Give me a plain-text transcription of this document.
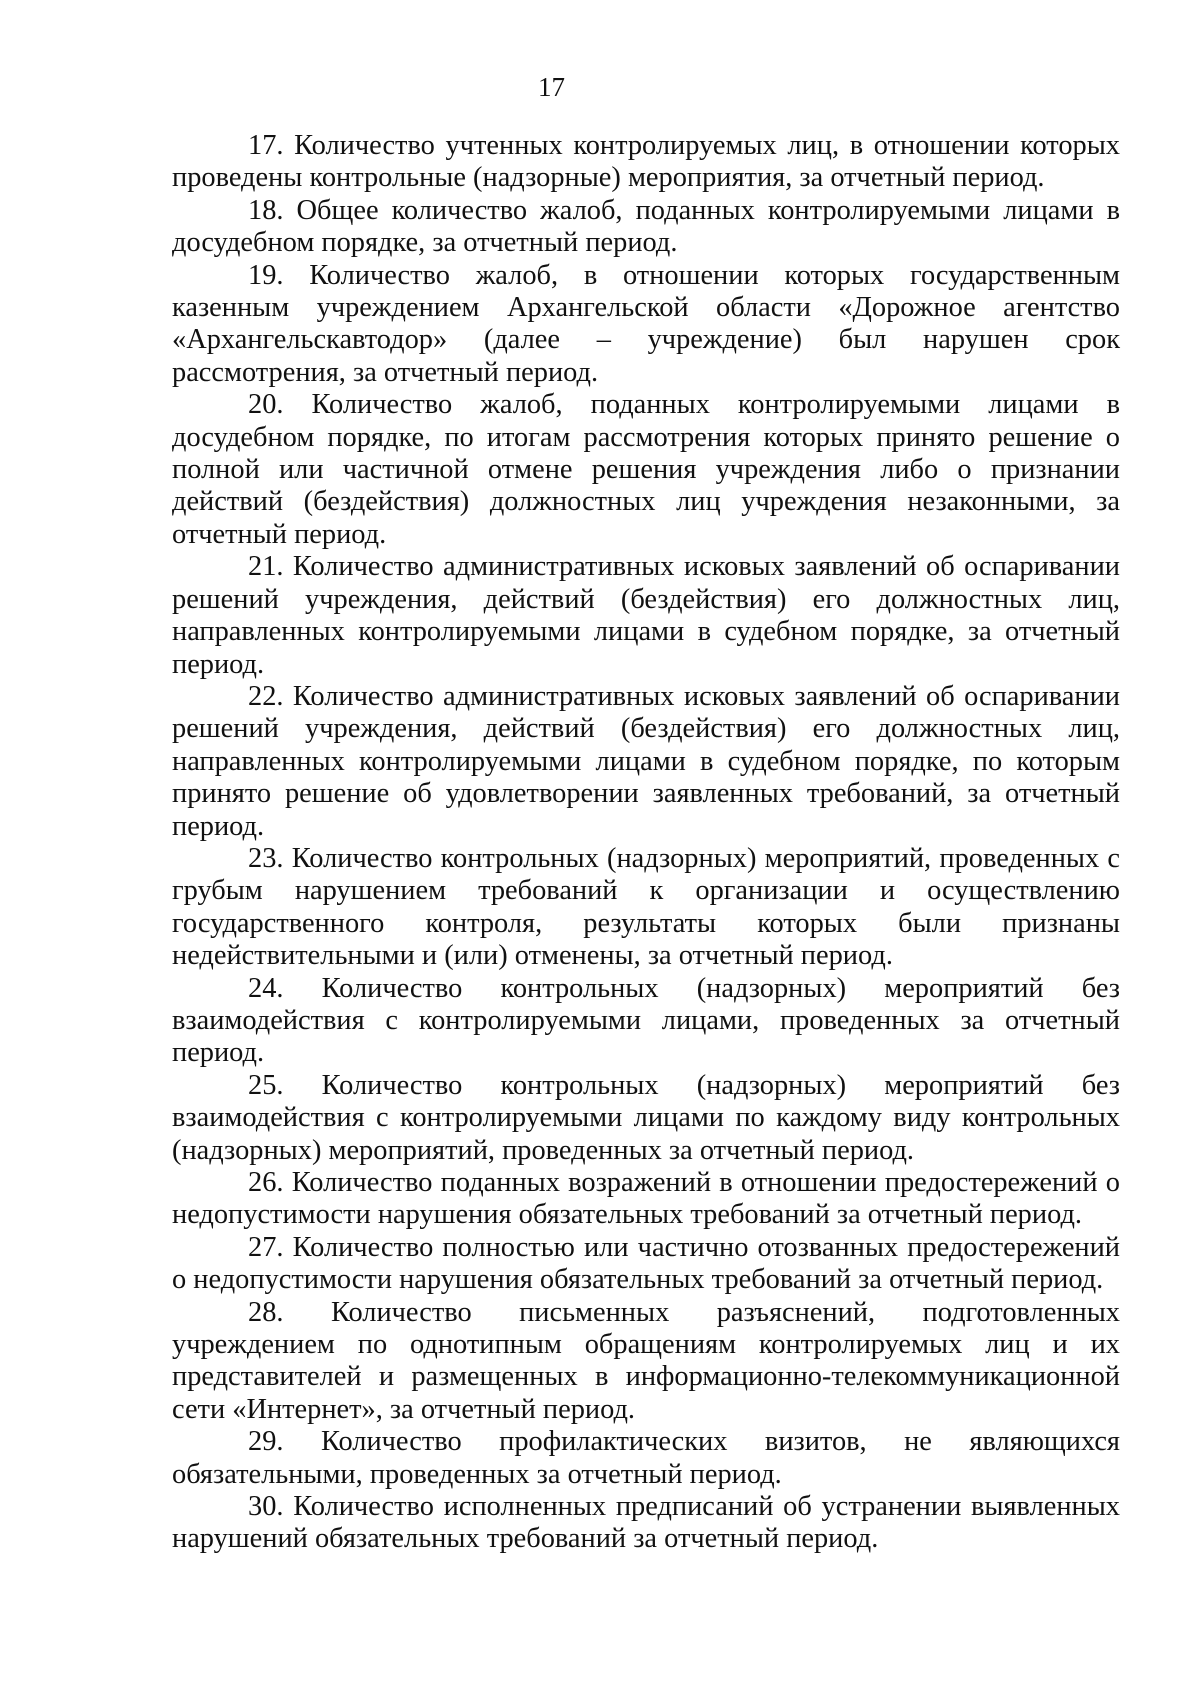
17

17. Количество учтенных контролируемых лиц, в отношении которых проведены контрольные (надзорные) мероприятия, за отчетный период.

18. Общее количество жалоб, поданных контролируемыми лицами в досудебном порядке, за отчетный период.

19. Количество жалоб, в отношении которых государственным казенным учреждением Архангельской области «Дорожное агентство «Архангельскавтодор» (далее – учреждение) был нарушен срок рассмотрения, за отчетный период.

20. Количество жалоб, поданных контролируемыми лицами в досудебном порядке, по итогам рассмотрения которых принято решение о полной или частичной отмене решения учреждения либо о признании действий (бездействия) должностных лиц учреждения незаконными, за отчетный период.

21. Количество административных исковых заявлений об оспаривании решений учреждения, действий (бездействия) его должностных лиц, направленных контролируемыми лицами в судебном порядке, за отчетный период.

22. Количество административных исковых заявлений об оспаривании решений учреждения, действий (бездействия) его должностных лиц, направленных контролируемыми лицами в судебном порядке, по которым принято решение об удовлетворении заявленных требований, за отчетный период.

23. Количество контрольных (надзорных) мероприятий, проведенных с грубым нарушением требований к организации и осуществлению государственного контроля, результаты которых были признаны недействительными и (или) отменены, за отчетный период.

24. Количество контрольных (надзорных) мероприятий без взаимодействия с контролируемыми лицами, проведенных за отчетный период.

25. Количество контрольных (надзорных) мероприятий без взаимодействия с контролируемыми лицами по каждому виду контрольных (надзорных) мероприятий, проведенных за отчетный период.

26. Количество поданных возражений в отношении предостережений о недопустимости нарушения обязательных требований за отчетный период.

27. Количество полностью или частично отозванных предостережений о недопустимости нарушения обязательных требований за отчетный период.

28. Количество письменных разъяснений, подготовленных учреждением по однотипным обращениям контролируемых лиц и их представителей и размещенных в информационно-телекоммуникационной сети «Интернет», за отчетный период.

29. Количество профилактических визитов, не являющихся обязательными, проведенных за отчетный период.

30. Количество исполненных предписаний об устранении выявленных нарушений обязательных требований за отчетный период.
